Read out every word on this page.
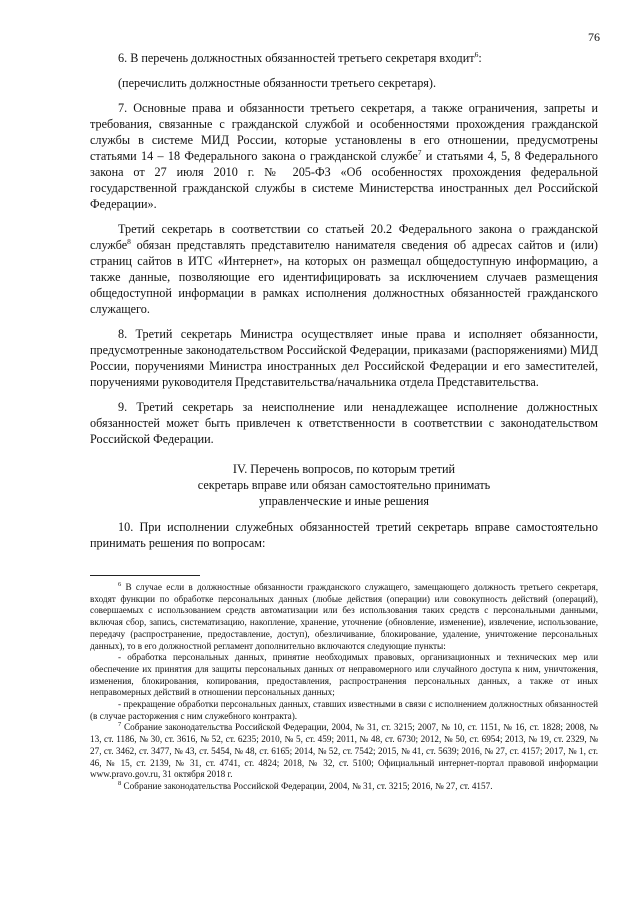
76

6. В перечень должностных обязанностей третьего секретаря входит$^6$:

(перечислить должностные обязанности третьего секретаря).

7. Основные права и обязанности третьего секретаря, а также ограничения, запреты и требования, связанные с гражданской службой и особенностями прохождения гражданской службы в системе МИД России, которые установлены в его отношении, предусмотрены статьями 14 – 18 Федерального закона о гражданской службе$^7$ и статьями 4, 5, 8 Федерального закона от 27 июля 2010 г. № 205-ФЗ «Об особенностях прохождения федеральной государственной гражданской службы в системе Министерства иностранных дел Российской Федерации».

Третий секретарь в соответствии со статьей 20.2 Федерального закона о гражданской службе$^8$ обязан представлять представителю нанимателя сведения об адресах сайтов и (или) страниц сайтов в ИТС «Интернет», на которых он размещал общедоступную информацию, а также данные, позволяющие его идентифицировать за исключением случаев размещения общедоступной информации в рамках исполнения должностных обязанностей гражданского служащего.

8. Третий секретарь Министра осуществляет иные права и исполняет обязанности, предусмотренные законодательством Российской Федерации, приказами (распоряжениями) МИД России, поручениями Министра иностранных дел Российской Федерации и его заместителей, поручениями руководителя Представительства/начальника отдела Представительства.

9. Третий секретарь за неисполнение или ненадлежащее исполнение должностных обязанностей может быть привлечен к ответственности в соответствии с законодательством Российской Федерации.

IV. Перечень вопросов, по которым третий
секретарь вправе или обязан самостоятельно принимать
управленческие и иные решения

10. При исполнении служебных обязанностей третий секретарь вправе самостоятельно принимать решения по вопросам:

$^6$ В случае если в должностные обязанности гражданского служащего, замещающего должность третьего секретаря, входят функции по обработке персональных данных (любые действия (операции) или совокупность действий (операций), совершаемых с использованием средств автоматизации или без использования таких средств с персональными данными, включая сбор, запись, систематизацию, накопление, хранение, уточнение (обновление, изменение), извлечение, использование, передачу (распространение, предоставление, доступ), обезличивание, блокирование, удаление, уничтожение персональных данных), то в его должностной регламент дополнительно включаются следующие пункты:

- обработка персональных данных, принятие необходимых правовых, организационных и технических мер или обеспечение их принятия для защиты персональных данных от неправомерного или случайного доступа к ним, уничтожения, изменения, блокирования, копирования, предоставления, распространения персональных данных, а также от иных неправомерных действий в отношении персональных данных;

- прекращение обработки персональных данных, ставших известными в связи с исполнением должностных обязанностей (в случае расторжения с ним служебного контракта).

$^7$ Собрание законодательства Российской Федерации, 2004, № 31, ст. 3215; 2007, № 10, ст. 1151, № 16, ст. 1828; 2008, № 13, ст. 1186, № 30, ст. 3616, № 52, ст. 6235; 2010, № 5, ст. 459; 2011, № 48, ст. 6730; 2012, № 50, ст. 6954; 2013, № 19, ст. 2329, № 27, ст. 3462, ст. 3477, № 43, ст. 5454, № 48, ст. 6165; 2014, № 52, ст. 7542; 2015, № 41, ст. 5639; 2016, № 27, ст. 4157; 2017, № 1, ст. 46, № 15, ст. 2139, № 31, ст. 4741, ст. 4824; 2018, № 32, ст. 5100; Официальный интернет-портал правовой информации www.pravo.gov.ru, 31 октября 2018 г.

$^8$ Собрание законодательства Российской Федерации, 2004, № 31, ст. 3215; 2016, № 27, ст. 4157.
